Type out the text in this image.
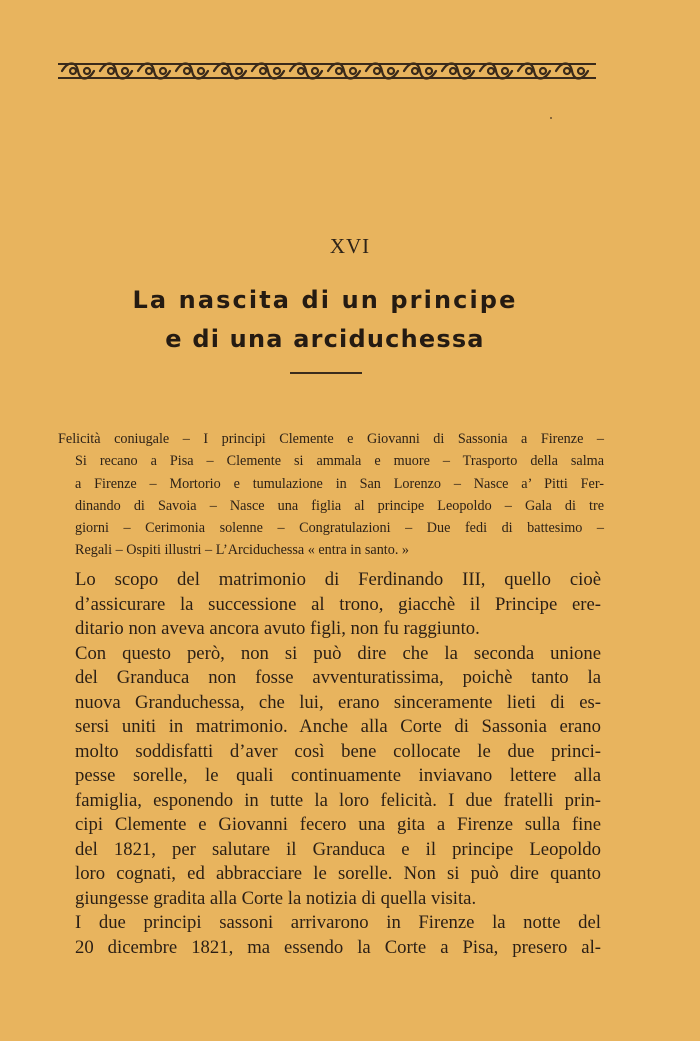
XVI
La nascita di un principe
e di una arciduchessa
Felicità coniugale – I principi Clemente e Giovanni di Sassonia a Firenze –
Si recano a Pisa – Clemente si ammala e muore – Trasporto della salma
a Firenze – Mortorio e tumulazione in San Lorenzo – Nasce a’ Pitti Fer-
dinando di Savoia – Nasce una figlia al principe Leopoldo – Gala di tre
giorni – Cerimonia solenne – Congratulazioni – Due fedi di battesimo –
Regali – Ospiti illustri – L’Arciduchessa « entra in santo. »
Lo scopo del matrimonio di Ferdinando III, quello cioè
d’assicurare la successione al trono, giacchè il Principe ere-
ditario non aveva ancora avuto figli, non fu raggiunto.
Con questo però, non si può dire che la seconda unione
del Granduca non fosse avventuratissima, poichè tanto la
nuova Granduchessa, che lui, erano sinceramente lieti di es-
sersi uniti in matrimonio. Anche alla Corte di Sassonia erano
molto soddisfatti d’aver così bene collocate le due princi-
pesse sorelle, le quali continuamente inviavano lettere alla
famiglia, esponendo in tutte la loro felicità. I due fratelli prin-
cipi Clemente e Giovanni fecero una gita a Firenze sulla fine
del 1821, per salutare il Granduca e il principe Leopoldo
loro cognati, ed abbracciare le sorelle. Non si può dire quanto
giungesse gradita alla Corte la notizia di quella visita.
I due principi sassoni arrivarono in Firenze la notte del
20 dicembre 1821, ma essendo la Corte a Pisa, presero al-
